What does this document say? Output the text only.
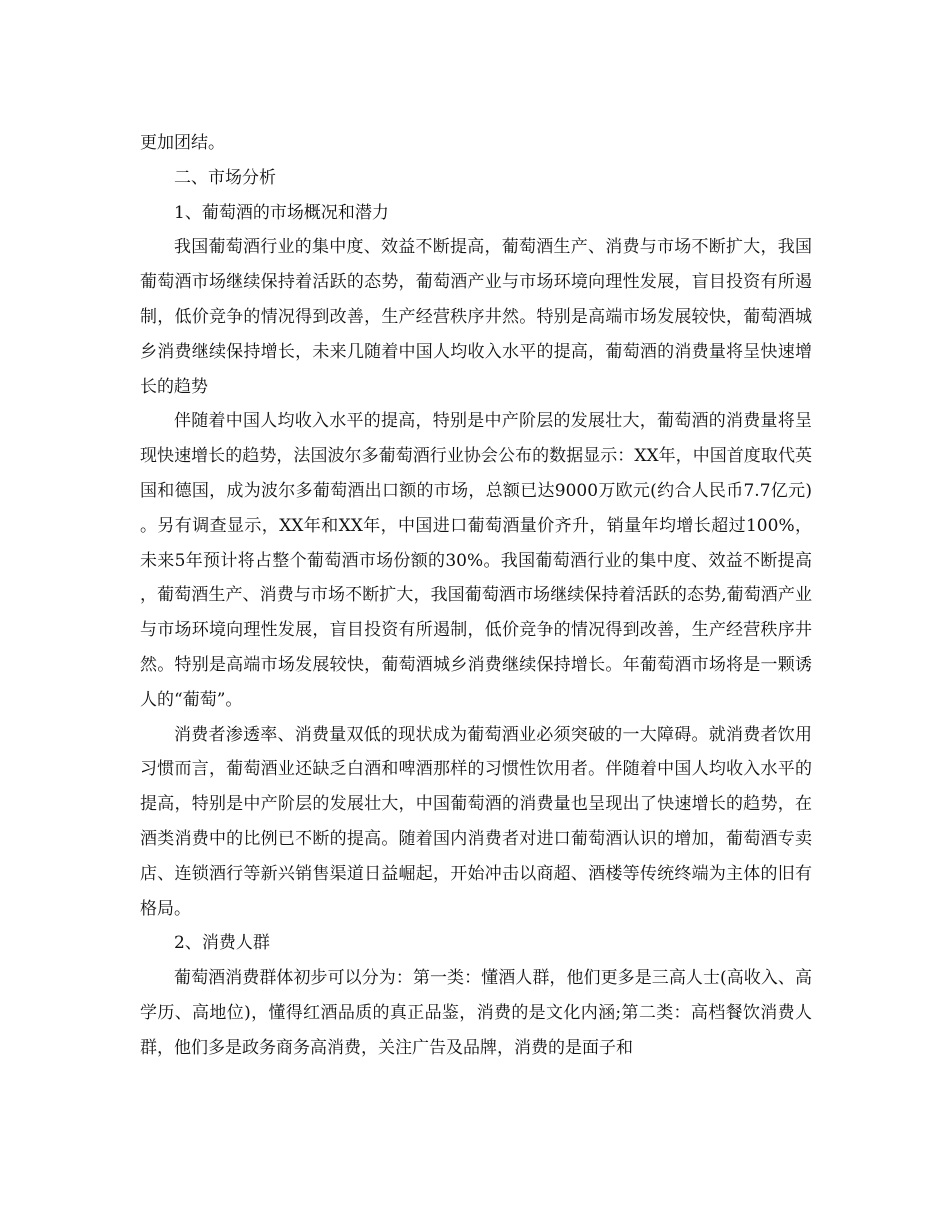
更加团结。

二、市场分析

1、葡萄酒的市场概况和潜力

我国葡萄酒行业的集中度、效益不断提高，葡萄酒生产、消费与市场不断扩大，我国葡萄酒市场继续保持着活跃的态势，葡萄酒产业与市场环境向理性发展，盲目投资有所遏制，低价竞争的情况得到改善，生产经营秩序井然。特别是高端市场发展较快，葡萄酒城乡消费继续保持增长，未来几随着中国人均收入水平的提高，葡萄酒的消费量将呈快速增长的趋势

伴随着中国人均收入水平的提高，特别是中产阶层的发展壮大，葡萄酒的消费量将呈现快速增长的趋势，法国波尔多葡萄酒行业协会公布的数据显示：XX年，中国首度取代英国和德国，成为波尔多葡萄酒出口额的市场，总额已达9000万欧元(约合人民币7.7亿元)。另有调查显示，XX年和XX年，中国进口葡萄酒量价齐升，销量年均增长超过100%，未来5年预计将占整个葡萄酒市场份额的30%。我国葡萄酒行业的集中度、效益不断提高，葡萄酒生产、消费与市场不断扩大，我国葡萄酒市场继续保持着活跃的态势,葡萄酒产业与市场环境向理性发展，盲目投资有所遏制，低价竞争的情况得到改善，生产经营秩序井然。特别是高端市场发展较快，葡萄酒城乡消费继续保持增长。年葡萄酒市场将是一颗诱人的“葡萄”。

消费者渗透率、消费量双低的现状成为葡萄酒业必须突破的一大障碍。就消费者饮用习惯而言，葡萄酒业还缺乏白酒和啤酒那样的习惯性饮用者。伴随着中国人均收入水平的提高，特别是中产阶层的发展壮大，中国葡萄酒的消费量也呈现出了快速增长的趋势，在酒类消费中的比例已不断的提高。随着国内消费者对进口葡萄酒认识的增加，葡萄酒专卖店、连锁酒行等新兴销售渠道日益崛起，开始冲击以商超、酒楼等传统终端为主体的旧有格局。

2、消费人群

葡萄酒消费群体初步可以分为：第一类：懂酒人群，他们更多是三高人士(高收入、高学历、高地位)，懂得红酒品质的真正品鉴，消费的是文化内涵;第二类：高档餐饮消费人群，他们多是政务商务高消费，关注广告及品牌，消费的是面子和
